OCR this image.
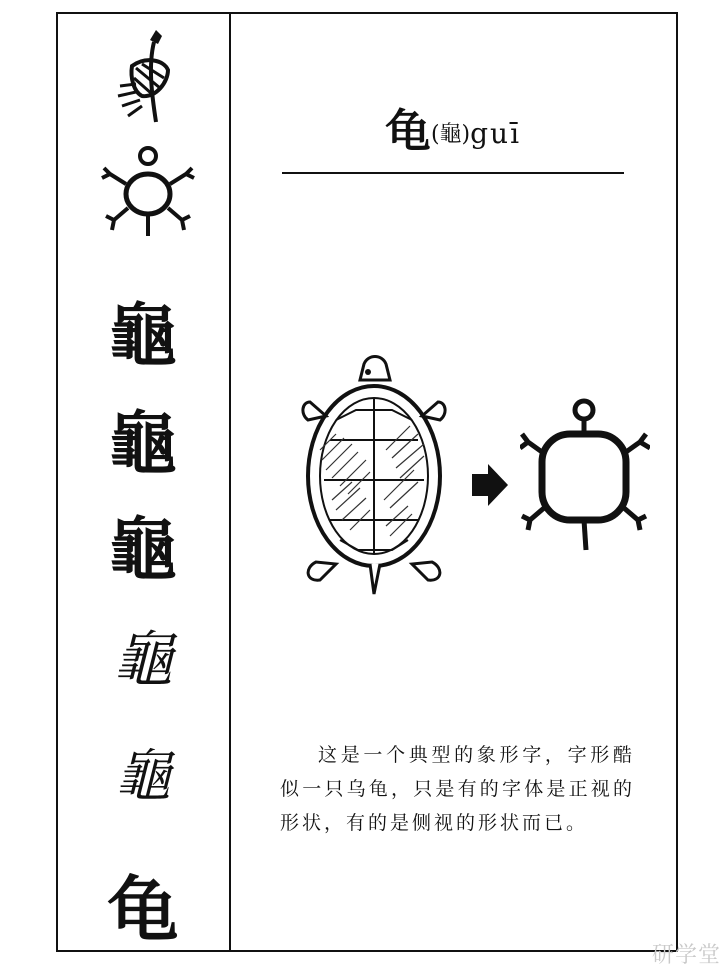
龜
龜
龜
龜
龜
龟
龟(龜)guī

这是一个典型的象形字，字形酷似一只乌龟，只是有的字体是正视的形状，有的是侧视的形状而已。

研学堂
